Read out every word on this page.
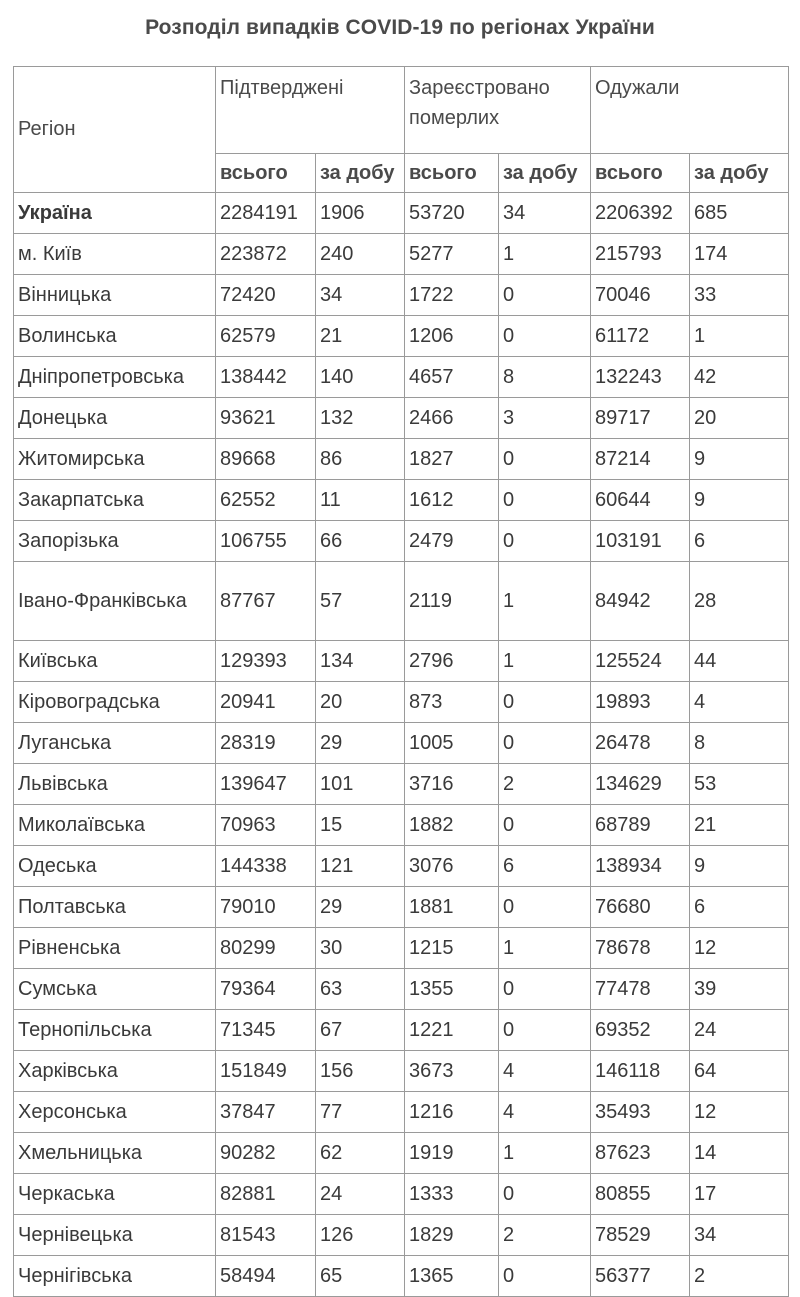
Розподіл випадків COVID-19 по регіонах України
Регіон	Підтверджені		Зареєстровано померлих		Одужали	
	всього	за добу	всього	за добу	всього	за добу
Україна	2284191	1906	53720	34	2206392	685
м. Київ	223872	240	5277	1	215793	174
Вінницька	72420	34	1722	0	70046	33
Волинська	62579	21	1206	0	61172	1
Дніпропетровська	138442	140	4657	8	132243	42
Донецька	93621	132	2466	3	89717	20
Житомирська	89668	86	1827	0	87214	9
Закарпатська	62552	11	1612	0	60644	9
Запорізька	106755	66	2479	0	103191	6
Івано-Франківська	87767	57	2119	1	84942	28
Київська	129393	134	2796	1	125524	44
Кіровоградська	20941	20	873	0	19893	4
Луганська	28319	29	1005	0	26478	8
Львівська	139647	101	3716	2	134629	53
Миколаївська	70963	15	1882	0	68789	21
Одеська	144338	121	3076	6	138934	9
Полтавська	79010	29	1881	0	76680	6
Рівненська	80299	30	1215	1	78678	12
Сумська	79364	63	1355	0	77478	39
Тернопільська	71345	67	1221	0	69352	24
Харківська	151849	156	3673	4	146118	64
Херсонська	37847	77	1216	4	35493	12
Хмельницька	90282	62	1919	1	87623	14
Черкаська	82881	24	1333	0	80855	17
Чернівецька	81543	126	1829	2	78529	34
Чернігівська	58494	65	1365	0	56377	2
